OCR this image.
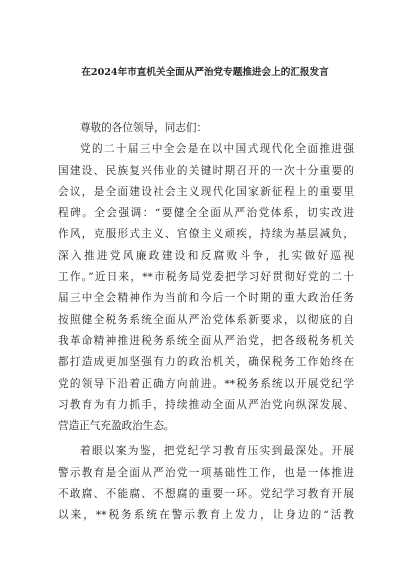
在2024年市直机关全面从严治党专题推进会上的汇报发言
尊敬的各位领导，同志们：
党的二十届三中全会是在以中国式现代化全面推进强
国建设、民族复兴伟业的关键时期召开的一次十分重要的
会议，是全面建设社会主义现代化国家新征程上的重要里
程碑。全会强调：“要健全全面从严治党体系，切实改进
作风，克服形式主义、官僚主义顽疾，持续为基层减负，
深入推进党风廉政建设和反腐败斗争，扎实做好巡视
工作。”近日来，**市税务局党委把学习好贯彻好党的二十
届三中全会精神作为当前和今后一个时期的重大政治任务
按照健全税务系统全面从严治党体系新要求，以彻底的自
我革命精神推进税务系统全面从严治党，把各级税务机关
都打造成更加坚强有力的政治机关，确保税务工作始终在
党的领导下沿着正确方向前进。**税务系统以开展党纪学
习教育为有力抓手，持续推动全面从严治党向纵深发展、
营造正气充盈政治生态。
着眼以案为鉴，把党纪学习教育压实到最深处。开展
警示教育是全面从严治党一项基础性工作，也是一体推进
不敢腐、不能腐、不想腐的重要一环。党纪学习教育开展
以来，**税务系统在警示教育上发力，让身边的“活教
